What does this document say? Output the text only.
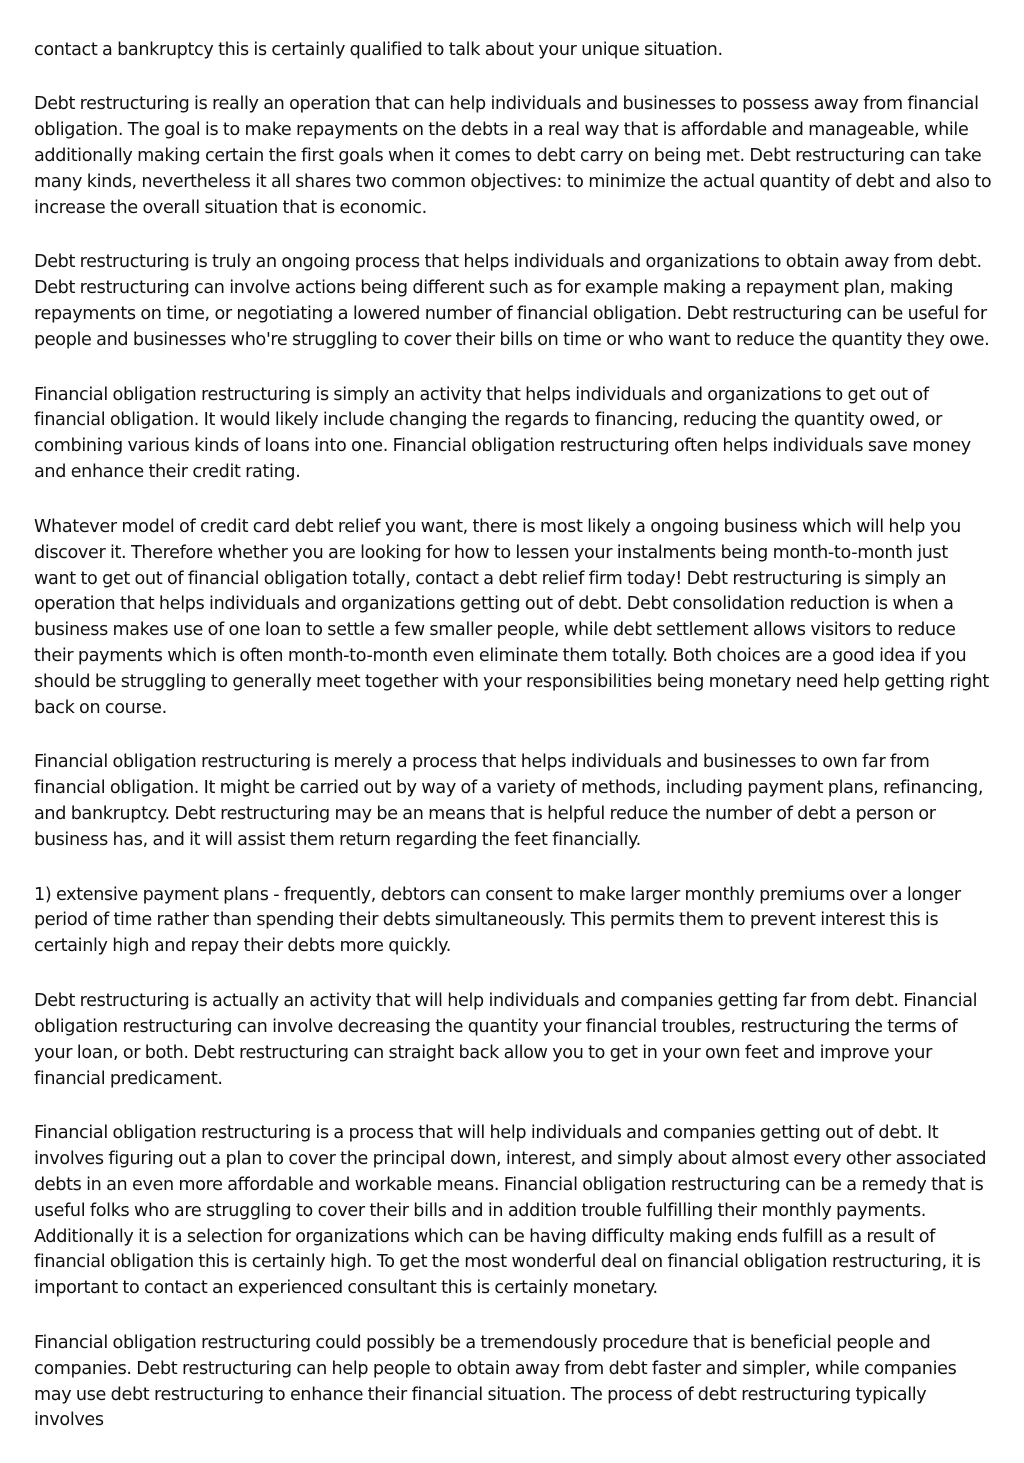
contact a bankruptcy this is certainly qualified to talk about your unique situation.

Debt restructuring is really an operation that can help individuals and businesses to possess away from financial obligation. The goal is to make repayments on the debts in a real way that is affordable and manageable, while additionally making certain the first goals when it comes to debt carry on being met. Debt restructuring can take many kinds, nevertheless it all shares two common objectives: to minimize the actual quantity of debt and also to increase the overall situation that is economic.

Debt restructuring is truly an ongoing process that helps individuals and organizations to obtain away from debt. Debt restructuring can involve actions being different such as for example making a repayment plan, making repayments on time, or negotiating a lowered number of financial obligation. Debt restructuring can be useful for people and businesses who're struggling to cover their bills on time or who want to reduce the quantity they owe.

Financial obligation restructuring is simply an activity that helps individuals and organizations to get out of financial obligation. It would likely include changing the regards to financing, reducing the quantity owed, or combining various kinds of loans into one. Financial obligation restructuring often helps individuals save money and enhance their credit rating.

Whatever model of credit card debt relief you want, there is most likely a ongoing business which will help you discover it. Therefore whether you are looking for how to lessen your instalments being month-to-month just want to get out of financial obligation totally, contact a debt relief firm today! Debt restructuring is simply an operation that helps individuals and organizations getting out of debt. Debt consolidation reduction is when a business makes use of one loan to settle a few smaller people, while debt settlement allows visitors to reduce their payments which is often month-to-month even eliminate them totally. Both choices are a good idea if you should be struggling to generally meet together with your responsibilities being monetary need help getting right back on course.

Financial obligation restructuring is merely a process that helps individuals and businesses to own far from financial obligation. It might be carried out by way of a variety of methods, including payment plans, refinancing, and bankruptcy. Debt restructuring may be an means that is helpful reduce the number of debt a person or business has, and it will assist them return regarding the feet financially.

1) extensive payment plans - frequently, debtors can consent to make larger monthly premiums over a longer period of time rather than spending their debts simultaneously. This permits them to prevent interest this is certainly high and repay their debts more quickly.

Debt restructuring is actually an activity that will help individuals and companies getting far from debt. Financial obligation restructuring can involve decreasing the quantity your financial troubles, restructuring the terms of your loan, or both. Debt restructuring can straight back allow you to get in your own feet and improve your financial predicament.

Financial obligation restructuring is a process that will help individuals and companies getting out of debt. It involves figuring out a plan to cover the principal down, interest, and simply about almost every other associated debts in an even more affordable and workable means. Financial obligation restructuring can be a remedy that is useful folks who are struggling to cover their bills and in addition trouble fulfilling their monthly payments. Additionally it is a selection for organizations which can be having difficulty making ends fulfill as a result of financial obligation this is certainly high. To get the most wonderful deal on financial obligation restructuring, it is important to contact an experienced consultant this is certainly monetary.

Financial obligation restructuring could possibly be a tremendously procedure that is beneficial people and companies. Debt restructuring can help people to obtain away from debt faster and simpler, while companies may use debt restructuring to enhance their financial situation. The process of debt restructuring typically involves
